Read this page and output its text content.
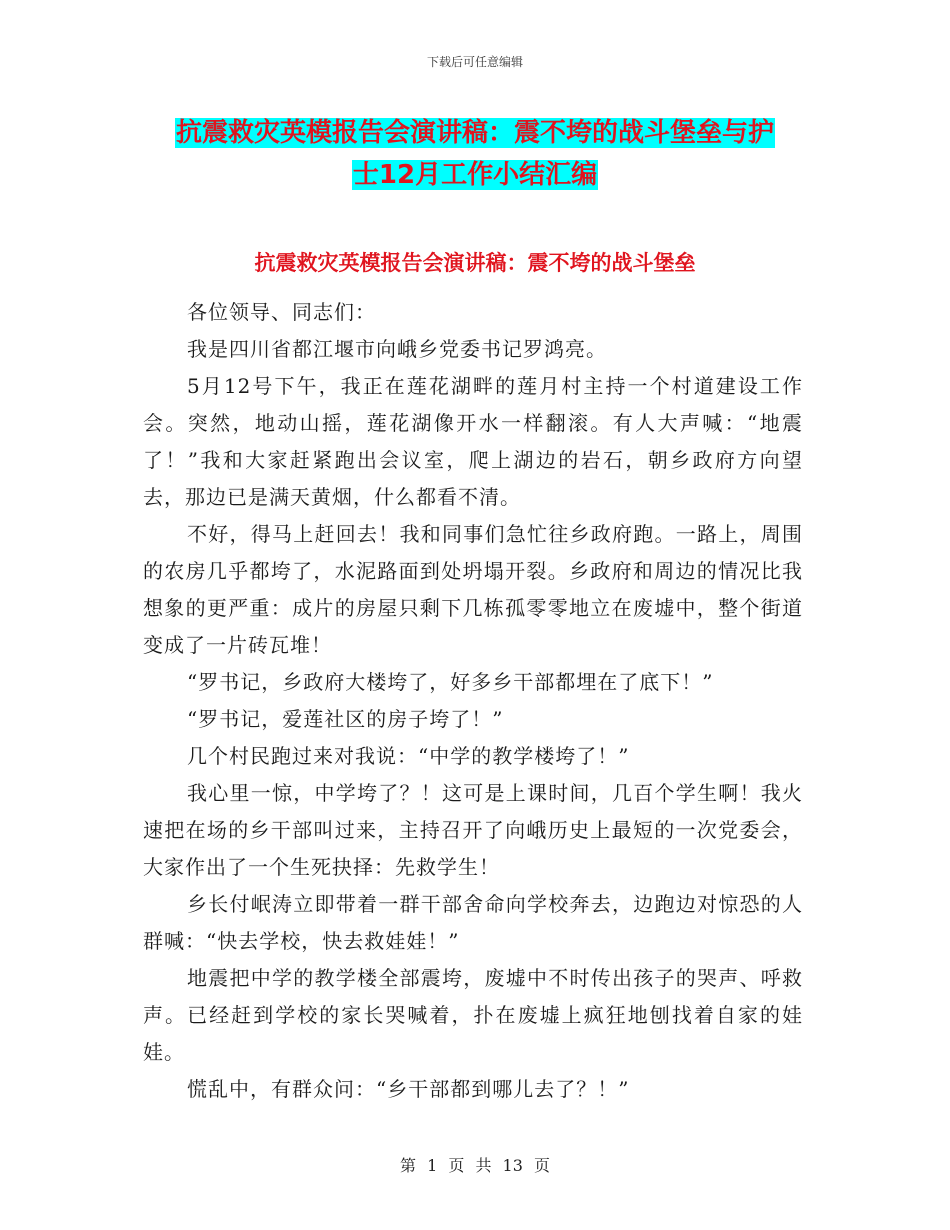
下载后可任意编辑
抗震救灾英模报告会演讲稿：震不垮的战斗堡垒与护
士12月工作小结汇编
抗震救灾英模报告会演讲稿：震不垮的战斗堡垒

各位领导、同志们：

我是四川省都江堰市向峨乡党委书记罗鸿亮。

5月12号下午，我正在莲花湖畔的莲月村主持一个村道建设工作会。突然，地动山摇，莲花湖像开水一样翻滚。有人大声喊：“地震了！”我和大家赶紧跑出会议室，爬上湖边的岩石，朝乡政府方向望去，那边已是满天黄烟，什么都看不清。

不好，得马上赶回去！我和同事们急忙往乡政府跑。一路上，周围的农房几乎都垮了，水泥路面到处坍塌开裂。乡政府和周边的情况比我想象的更严重：成片的房屋只剩下几栋孤零零地立在废墟中，整个街道变成了一片砖瓦堆！

“罗书记，乡政府大楼垮了，好多乡干部都埋在了底下！”

“罗书记，爱莲社区的房子垮了！”

几个村民跑过来对我说：“中学的教学楼垮了！”

我心里一惊，中学垮了？！这可是上课时间，几百个学生啊！我火速把在场的乡干部叫过来，主持召开了向峨历史上最短的一次党委会，大家作出了一个生死抉择：先救学生！

乡长付岷涛立即带着一群干部舍命向学校奔去，边跑边对惊恐的人群喊：“快去学校，快去救娃娃！”

地震把中学的教学楼全部震垮，废墟中不时传出孩子的哭声、呼救声。已经赶到学校的家长哭喊着，扑在废墟上疯狂地刨找着自家的娃娃。

慌乱中，有群众问：“乡干部都到哪儿去了？！”

第 1 页 共 13 页
